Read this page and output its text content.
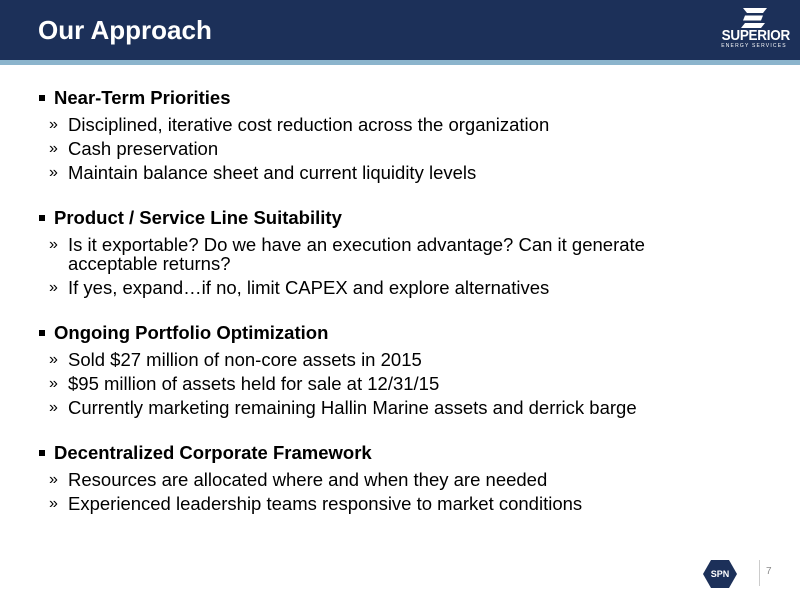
Our Approach	SUPERIOR
ENERGY SERVICES
Near-Term Priorities
» Disciplined, iterative cost reduction across the organization
» Cash preservation
» Maintain balance sheet and current liquidity levels
Product / Service Line Suitability
» Is it exportable? Do we have an execution advantage? Can it generate acceptable returns?
» If yes, expand…if no, limit CAPEX and explore alternatives
Ongoing Portfolio Optimization
» Sold $27 million of non-core assets in 2015
» $95 million of assets held for sale at 12/31/15
» Currently marketing remaining Hallin Marine assets and derrick barge
Decentralized Corporate Framework
» Resources are allocated where and when they are needed
» Experienced leadership teams responsive to market conditions
SPN	7
